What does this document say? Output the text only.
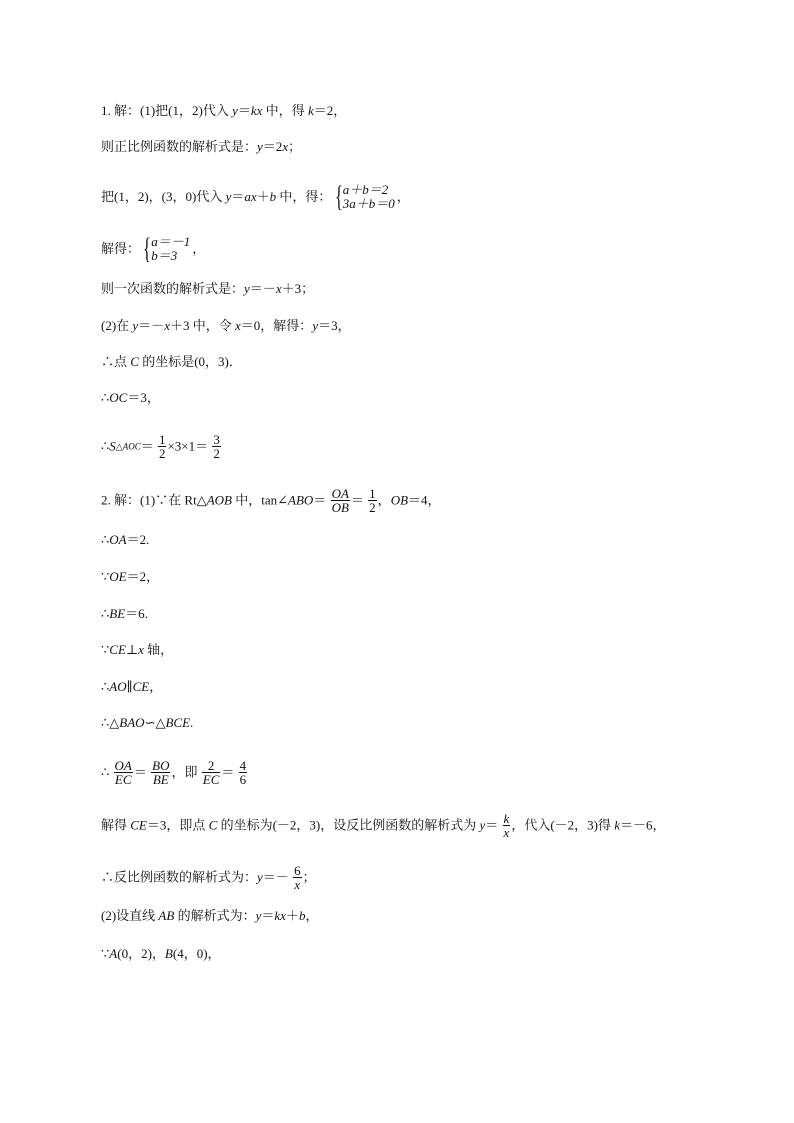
1. 解：(1)把(1，2)代入 y＝kx 中，得 k＝2，
则正比例函数的解析式是：y＝2x；
把(1，2)，(3，0)代入 y＝ax＋b 中，得： { a＋b＝2
3a＋b＝0 ，
解得： { a＝－1
b＝3	，
则一次函数的解析式是：y＝－x＋3；
(2)在 y＝－x＋3 中，令 x＝0，解得：y＝3，
∴点 C 的坐标是(0，3)．
∴OC＝3，
∴S△AOC＝ $\frac{1}{2} \times 3\times 1= \frac{3}{2}$
2. 解：(1)∵在 Rt△AOB 中，tan∠ABO＝ $\frac{OA}{OB} = \frac{1}{2}$ ，OB＝4，
∴OA＝2.
∵OE＝2，
∴BE＝6.
∵CE⊥x 轴，
∴AO∥CE，
∴△BAO∽△BCE.
∴ $\frac{OA}{EC} = \frac{BO}{BE}$ ，即 $\frac{2}{EC} = \frac{4}{6}$
解得 CE＝3，即点 C 的坐标为(－2，3)，设反比例函数的解析式为 $y= \frac{k}{x}$ ，代入(－2，3)得 k＝－6，
∴反比例函数的解析式为：$y=- \frac{6}{x}$ ；
(2)设直线 AB 的解析式为：y＝kx＋b，
∵A(0，2)，B(4，0)，
